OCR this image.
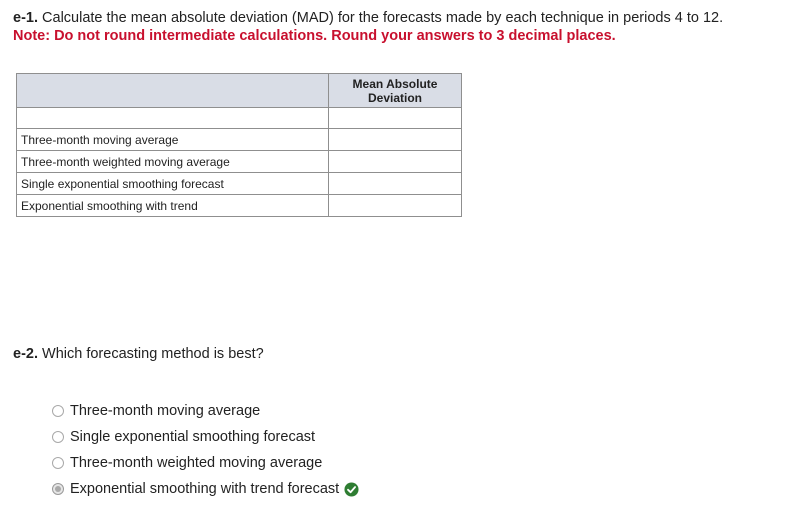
e-1. Calculate the mean absolute deviation (MAD) for the forecasts made by each technique in periods 4 to 12.
Note: Do not round intermediate calculations. Round your answers to 3 decimal places.
	Mean Absolute Deviation

Three-month moving average	
Three-month weighted moving average	
Single exponential smoothing forecast	
Exponential smoothing with trend	
e-2. Which forecasting method is best?
Three-month moving average
Single exponential smoothing forecast
Three-month weighted moving average
Exponential smoothing with trend forecast
